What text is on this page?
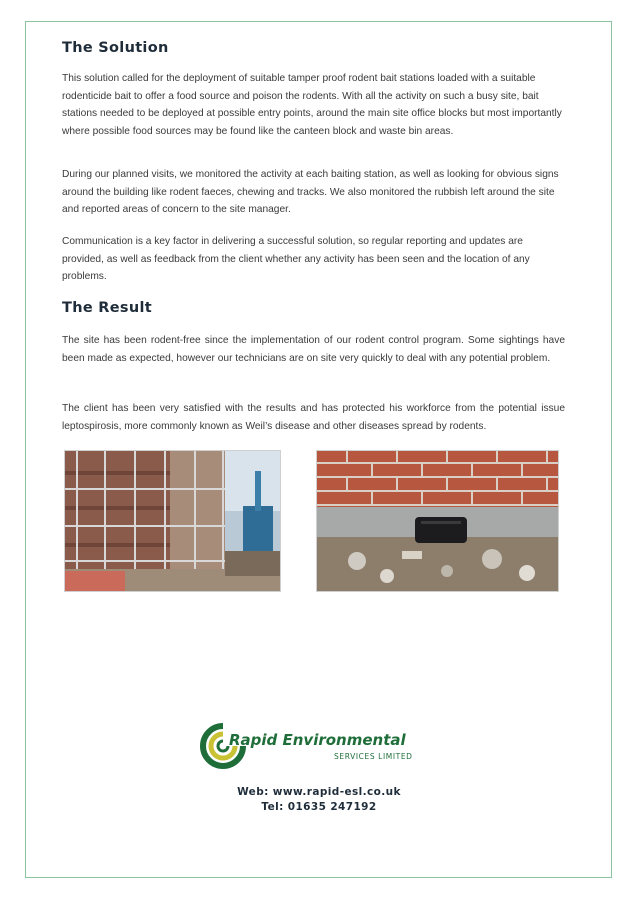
The Solution

This solution called for the deployment of suitable tamper proof rodent bait stations loaded with a suitable rodenticide bait to offer a food source and poison the rodents. With all the activity on such a busy site, bait stations needed to be deployed at possible entry points, around the main site office blocks but most importantly where possible food sources may be found like the canteen block and waste bin areas.

During our planned visits, we monitored the activity at each baiting station, as well as looking for obvious signs around the building like rodent faeces, chewing and tracks. We also monitored the rubbish left around the site and reported areas of concern to the site manager.

Communication is a key factor in delivering a successful solution, so regular reporting and updates are provided, as well as feedback from the client whether any activity has been seen and the location of any problems.

The Result

The site has been rodent-free since the implementation of our rodent control program. Some sightings have been made as expected, however our technicians are on site very quickly to deal with any potential problem.

The client has been very satisfied with the results and has protected his workforce from the potential issue leptospirosis, more commonly known as Weil’s disease and other diseases spread by rodents.

Rapid Environmental
SERVICES LIMITED
Web: www.rapid-esl.co.uk
Tel: 01635 247192
